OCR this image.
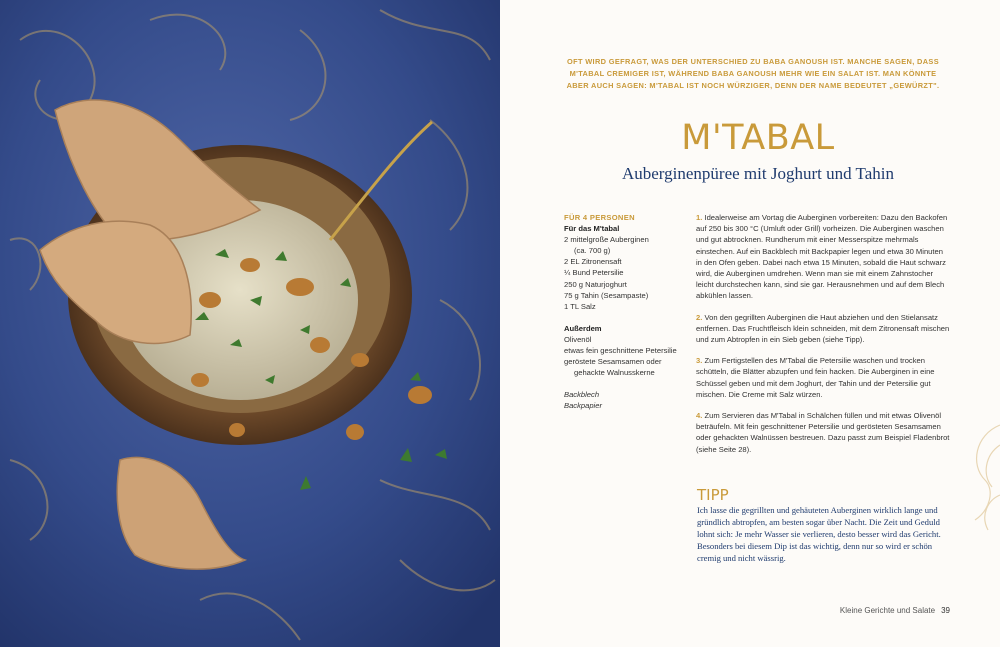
OFT WIRD GEFRAGT, WAS DER UNTERSCHIED ZU BABA GANOUSH IST. MANCHE SAGEN, DASS M'TABAL CREMIGER IST, WÄHREND BABA GANOUSH MEHR WIE EIN SALAT IST. MAN KÖNNTE ABER AUCH SAGEN: M'TABAL IST NOCH WÜRZIGER, DENN DER NAME BEDEUTET „GEWÜRZT".
M'TABAL
Auberginenpüree mit Joghurt und Tahin
FÜR 4 PERSONEN
Für das M'tabal
2 mittelgroße Auberginen
(ca. 700 g)
2 EL Zitronensaft
¼ Bund Petersilie
250 g Naturjoghurt
75 g Tahin (Sesampaste)
1 TL Salz
Außerdem
Olivenöl
etwas fein geschnittene Petersilie
geröstete Sesamsamen oder
gehackte Walnusskerne
Backblech
Backpapier

1. Idealerweise am Vortag die Auberginen vorbereiten: Dazu den Backofen auf 250 bis 300 °C (Umluft oder Grill) vorheizen. Die Auberginen waschen und gut abtrocknen. Rundherum mit einer Messerspitze mehrmals einstechen. Auf ein Backblech mit Backpapier legen und etwa 30 Minuten in den Ofen geben. Dabei nach etwa 15 Minuten, sobald die Haut schwarz wird, die Auberginen umdrehen. Wenn man sie mit einem Zahnstocher leicht durchstechen kann, sind sie gar. Herausnehmen und auf dem Blech abkühlen lassen.

2. Von den gegrillten Auberginen die Haut abziehen und den Stielansatz entfernen. Das Fruchtfleisch klein schneiden, mit dem Zitronensaft mischen und zum Abtropfen in ein Sieb geben (siehe Tipp).

3. Zum Fertigstellen des M'Tabal die Petersilie waschen und trocken schütteln, die Blätter abzupfen und fein hacken. Die Auberginen in eine Schüssel geben und mit dem Joghurt, der Tahin und der Petersilie gut mischen. Die Creme mit Salz würzen.

4. Zum Servieren das M'Tabal in Schälchen füllen und mit etwas Olivenöl beträufeln. Mit fein geschnittener Petersilie und gerösteten Sesamsamen oder gehackten Walnüssen bestreuen. Dazu passt zum Beispiel Fladenbrot (siehe Seite 28).

TIPP
Ich lasse die gegrillten und gehäuteten Auberginen wirklich lange und gründlich abtropfen, am besten sogar über Nacht. Die Zeit und Geduld lohnt sich: Je mehr Wasser sie verlieren, desto besser wird das Gericht. Besonders bei diesem Dip ist das wichtig, denn nur so wird er schön cremig und nicht wässrig.
Kleine Gerichte und Salate 39
